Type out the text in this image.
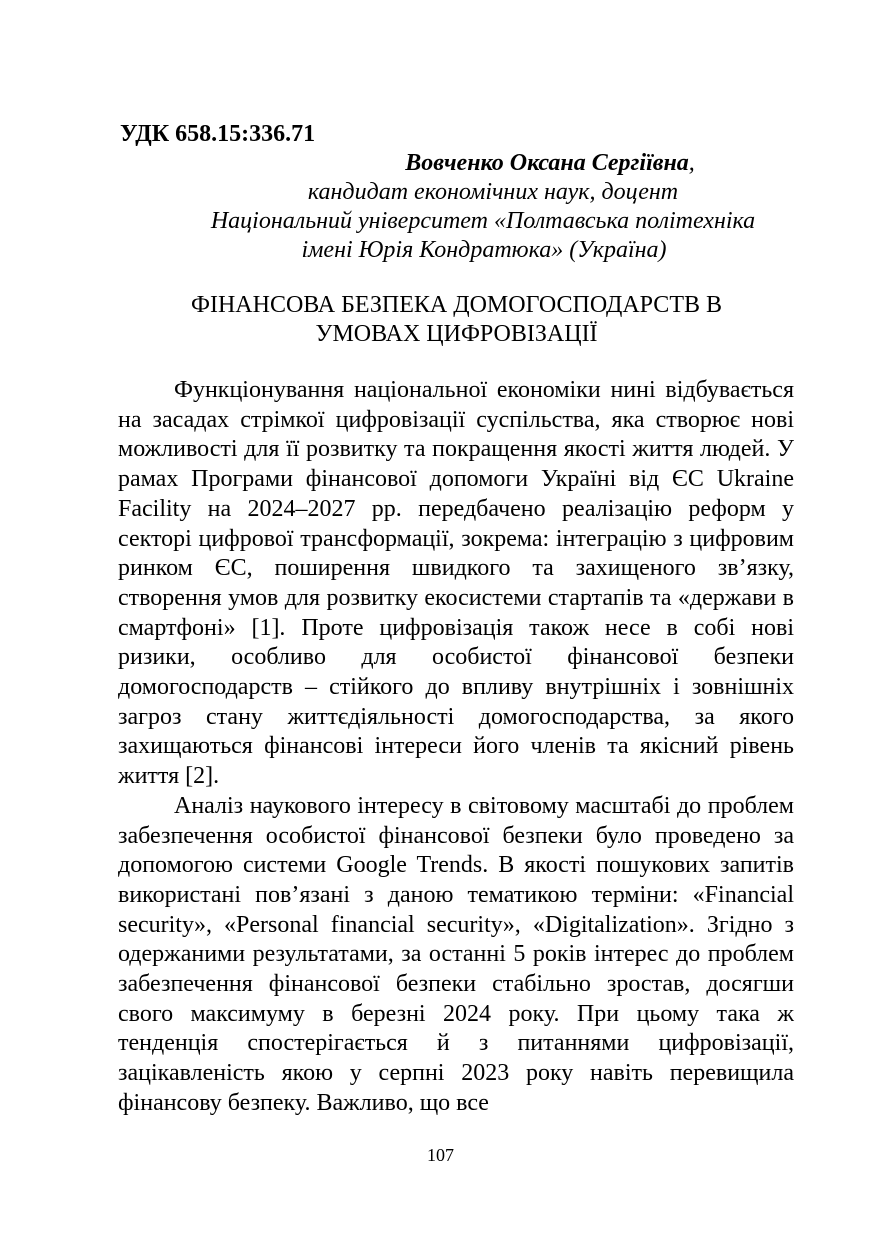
УДК 658.15:336.71
Вовченко Оксана Сергіївна,
кандидат економічних наук, доцент
Національний університет «Полтавська політехніка
імені Юрія Кондратюка» (Україна)
ФІНАНСОВА БЕЗПЕКА ДОМОГОСПОДАРСТВ В
УМОВАХ ЦИФРОВІЗАЦІЇ

Функціонування національної економіки нині відбувається на засадах стрімкої цифровізації суспільства, яка створює нові можливості для її розвитку та покращення якості життя людей. У рамах Програми фінансової допомоги Україні від ЄС Ukraine Facility на 2024–2027 рр. передбачено реалізацію реформ у секторі цифрової трансформації, зокрема: інтеграцію з цифровим ринком ЄС, поширення швидкого та захищеного зв’язку, створення умов для розвитку екосистеми стартапів та «держави в смартфоні» [1]. Проте цифровізація також несе в собі нові ризики, особливо для особистої фінансової безпеки домогосподарств – стійкого до впливу внутрішніх і зовнішніх загроз стану життєдіяльності домогосподарства, за якого захищаються фінансові інтереси його членів та якісний рівень життя [2].

Аналіз наукового інтересу в світовому масштабі до проблем забезпечення особистої фінансової безпеки було проведено за допомогою системи Google Trends. В якості пошукових запитів використані пов’язані з даною тематикою терміни: «Financial security», «Personal financial security», «Digitalization». Згідно з одержаними результатами, за останні 5 років інтерес до проблем забезпечення фінансової безпеки стабільно зростав, досягши свого максимуму в березні 2024 року. При цьому така ж тенденція спостерігається й з питаннями цифровізації, зацікавленість якою у серпні 2023 року навіть перевищила фінансову безпеку. Важливо, що все

107
